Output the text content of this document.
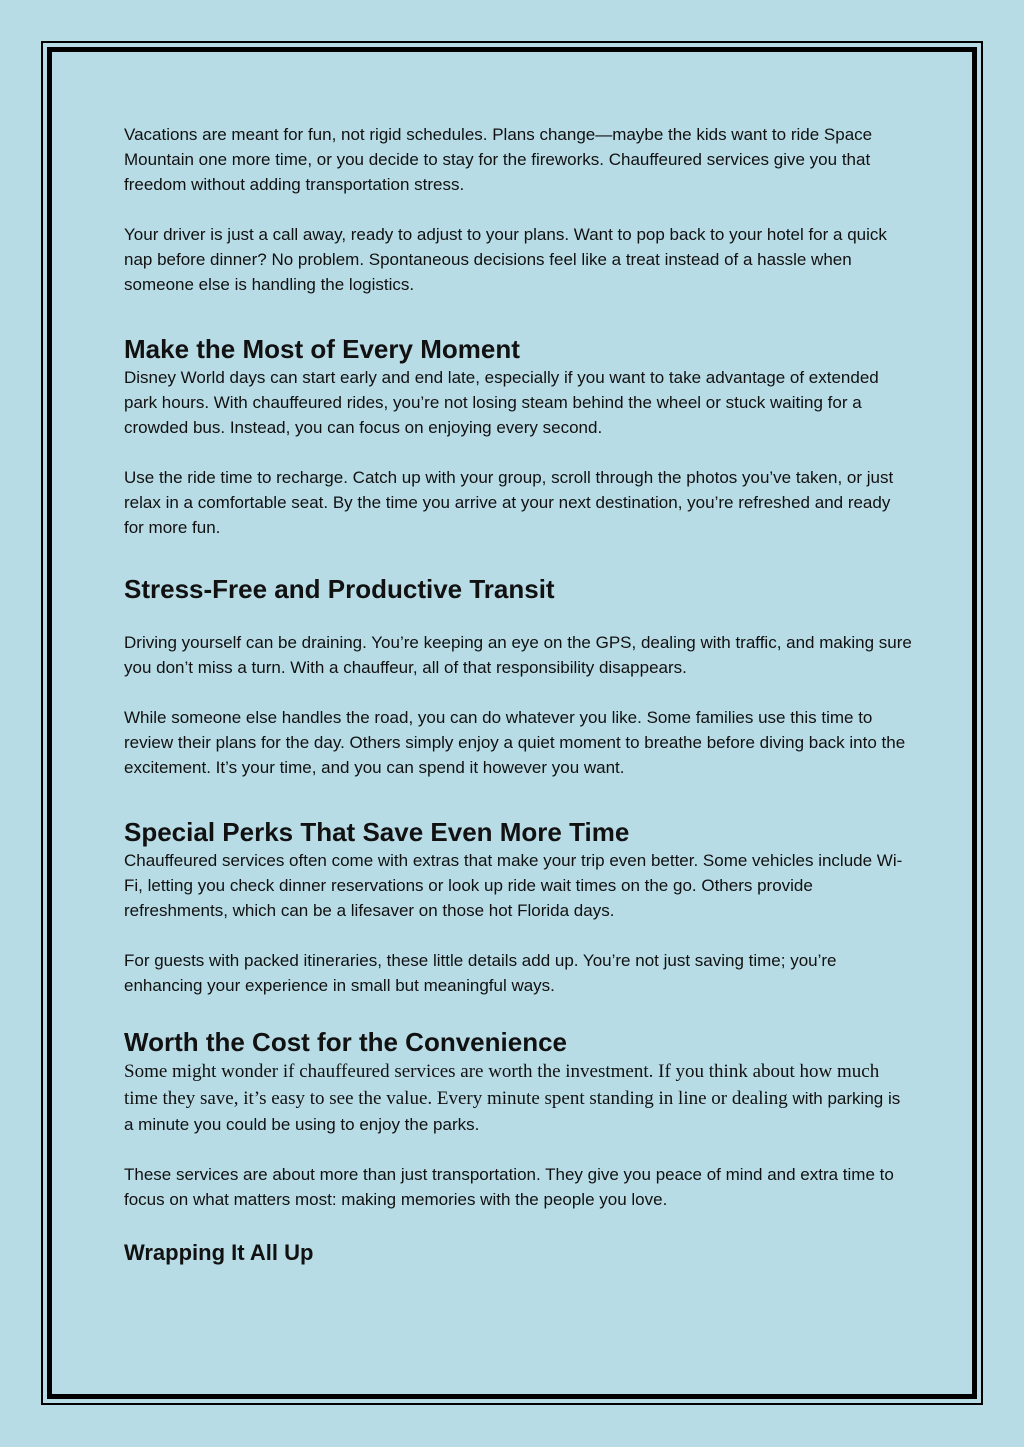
Vacations are meant for fun, not rigid schedules. Plans change—maybe the kids want to ride Space Mountain one more time, or you decide to stay for the fireworks. Chauffeured services give you that freedom without adding transportation stress.

Your driver is just a call away, ready to adjust to your plans. Want to pop back to your hotel for a quick nap before dinner? No problem. Spontaneous decisions feel like a treat instead of a hassle when someone else is handling the logistics.

Make the Most of Every Moment

Disney World days can start early and end late, especially if you want to take advantage of extended park hours. With chauffeured rides, you’re not losing steam behind the wheel or stuck waiting for a crowded bus. Instead, you can focus on enjoying every second.

Use the ride time to recharge. Catch up with your group, scroll through the photos you’ve taken, or just relax in a comfortable seat. By the time you arrive at your next destination, you’re refreshed and ready for more fun.

Stress-Free and Productive Transit

Driving yourself can be draining. You’re keeping an eye on the GPS, dealing with traffic, and making sure you don’t miss a turn. With a chauffeur, all of that responsibility disappears.

While someone else handles the road, you can do whatever you like. Some families use this time to review their plans for the day. Others simply enjoy a quiet moment to breathe before diving back into the excitement. It’s your time, and you can spend it however you want.

Special Perks That Save Even More Time

Chauffeured services often come with extras that make your trip even better. Some vehicles include Wi-Fi, letting you check dinner reservations or look up ride wait times on the go. Others provide refreshments, which can be a lifesaver on those hot Florida days.

For guests with packed itineraries, these little details add up. You’re not just saving time; you’re enhancing your experience in small but meaningful ways.

Worth the Cost for the Convenience

Some might wonder if chauffeured services are worth the investment. If you think about how much time they save, it’s easy to see the value. Every minute spent standing in line or dealing with parking is a minute you could be using to enjoy the parks.

These services are about more than just transportation. They give you peace of mind and extra time to focus on what matters most: making memories with the people you love.

Wrapping It All Up
